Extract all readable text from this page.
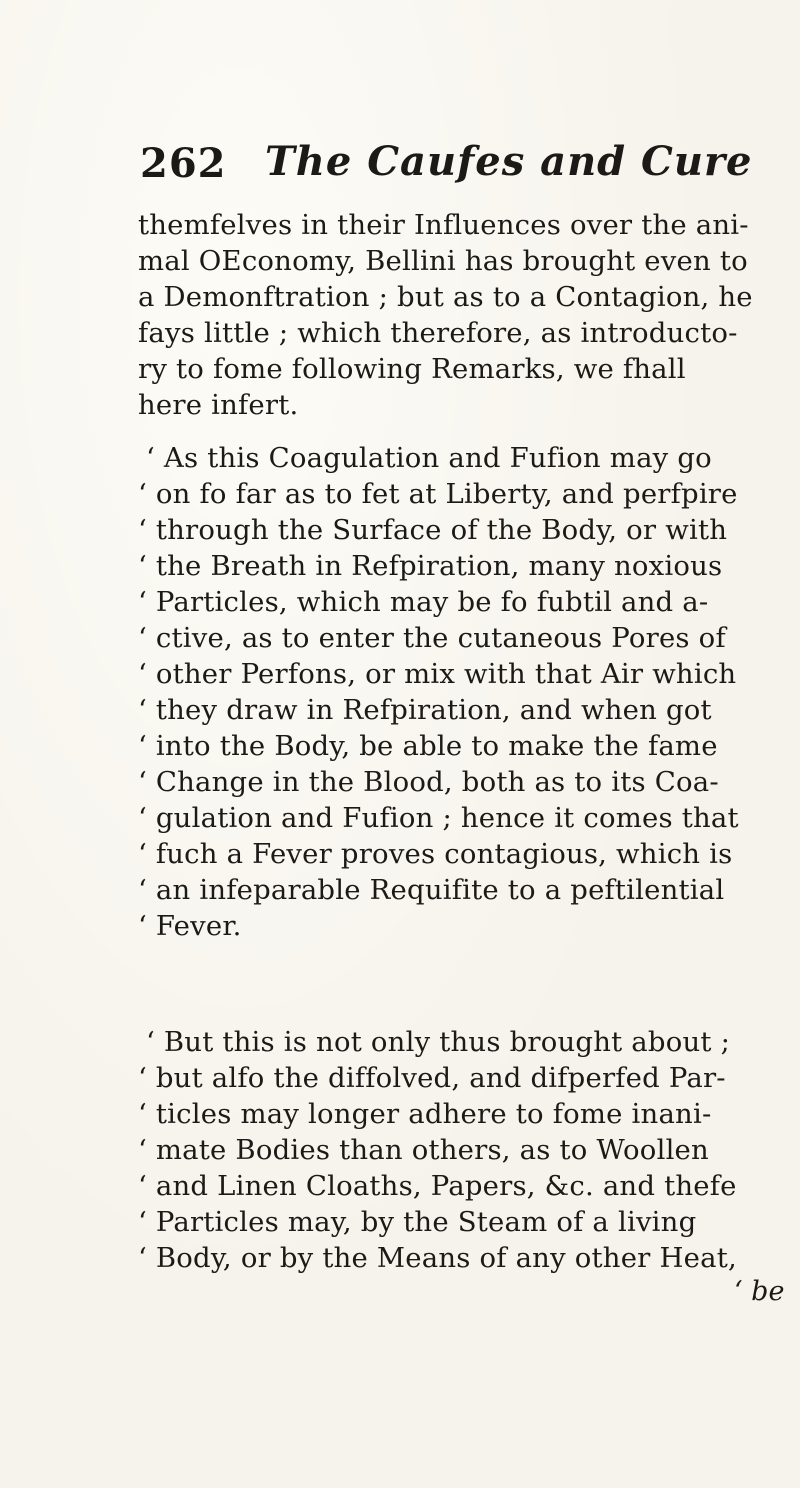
262 The Caufes and Cure
themfelves in their Influences over the ani-
mal OEconomy, Bellini has brought even to
a Demonftration ; but as to a Contagion, he
fays little ; which therefore, as introducto-
ry to fome following Remarks, we fhall
here infert.
‘ As this Coagulation and Fufion may go
‘ on fo far as to fet at Liberty, and perfpire
‘ through the Surface of the Body, or with
‘ the Breath in Refpiration, many noxious
‘ Particles, which may be fo fubtil and a-
‘ ctive, as to enter the cutaneous Pores of
‘ other Perfons, or mix with that Air which
‘ they draw in Refpiration, and when got
‘ into the Body, be able to make the fame
‘ Change in the Blood, both as to its Coa-
‘ gulation and Fufion ; hence it comes that
‘ fuch a Fever proves contagious, which is
‘ an infeparable Requifite to a peftilential
‘ Fever.
‘ But this is not only thus brought about ;
‘ but alfo the diffolved, and difperfed Par-
‘ ticles may longer adhere to fome inani-
‘ mate Bodies than others, as to Woollen
‘ and Linen Cloaths, Papers, &c. and thefe
‘ Particles may, by the Steam of a living
‘ Body, or by the Means of any other Heat,
‘ be
